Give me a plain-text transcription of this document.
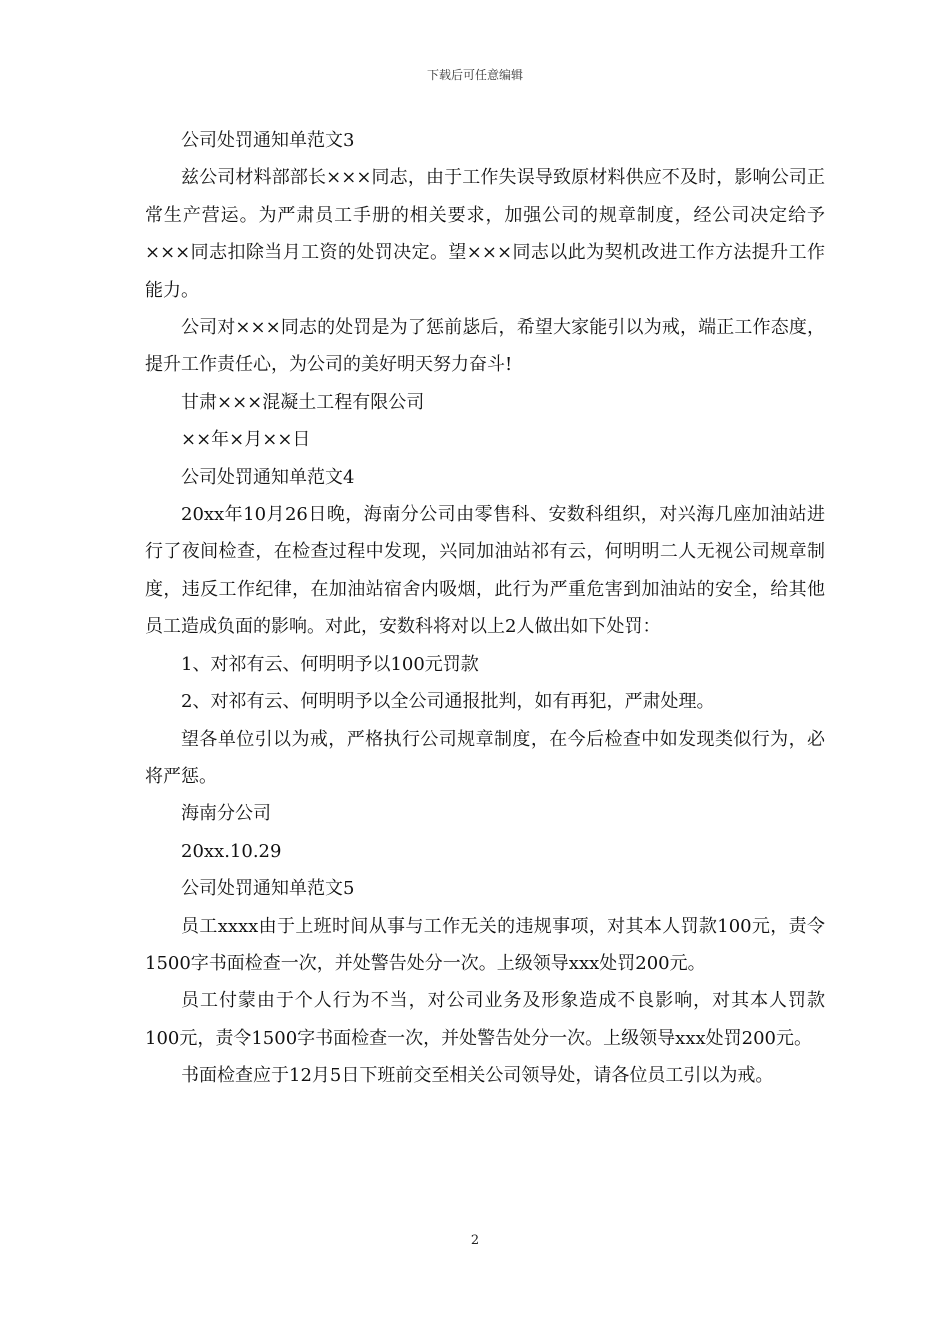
下载后可任意编辑

公司处罚通知单范文3

兹公司材料部部长×××同志，由于工作失误导致原材料供应不及时，影响公司正常生产营运。为严肃员工手册的相关要求，加强公司的规章制度，经公司决定给予×××同志扣除当月工资的处罚决定。望×××同志以此为契机改进工作方法提升工作能力。

公司对×××同志的处罚是为了惩前毖后，希望大家能引以为戒，端正工作态度，提升工作责任心，为公司的美好明天努力奋斗!

甘肃×××混凝土工程有限公司

××年×月××日

公司处罚通知单范文4

20xx年10月26日晚，海南分公司由零售科、安数科组织，对兴海几座加油站进行了夜间检查，在检查过程中发现，兴同加油站祁有云，何明明二人无视公司规章制度，违反工作纪律，在加油站宿舍内吸烟，此行为严重危害到加油站的安全，给其他员工造成负面的影响。对此，安数科将对以上2人做出如下处罚：

1、对祁有云、何明明予以100元罚款

2、对祁有云、何明明予以全公司通报批判，如有再犯，严肃处理。

望各单位引以为戒，严格执行公司规章制度，在今后检查中如发现类似行为，必将严惩。

海南分公司

20xx.10.29

公司处罚通知单范文5

员工xxxx由于上班时间从事与工作无关的违规事项，对其本人罚款100元，责令1500字书面检查一次，并处警告处分一次。上级领导xxx处罚200元。

员工付蒙由于个人行为不当，对公司业务及形象造成不良影响，对其本人罚款100元，责令1500字书面检查一次，并处警告处分一次。上级领导xxx处罚200元。

书面检查应于12月5日下班前交至相关公司领导处，请各位员工引以为戒。

2
